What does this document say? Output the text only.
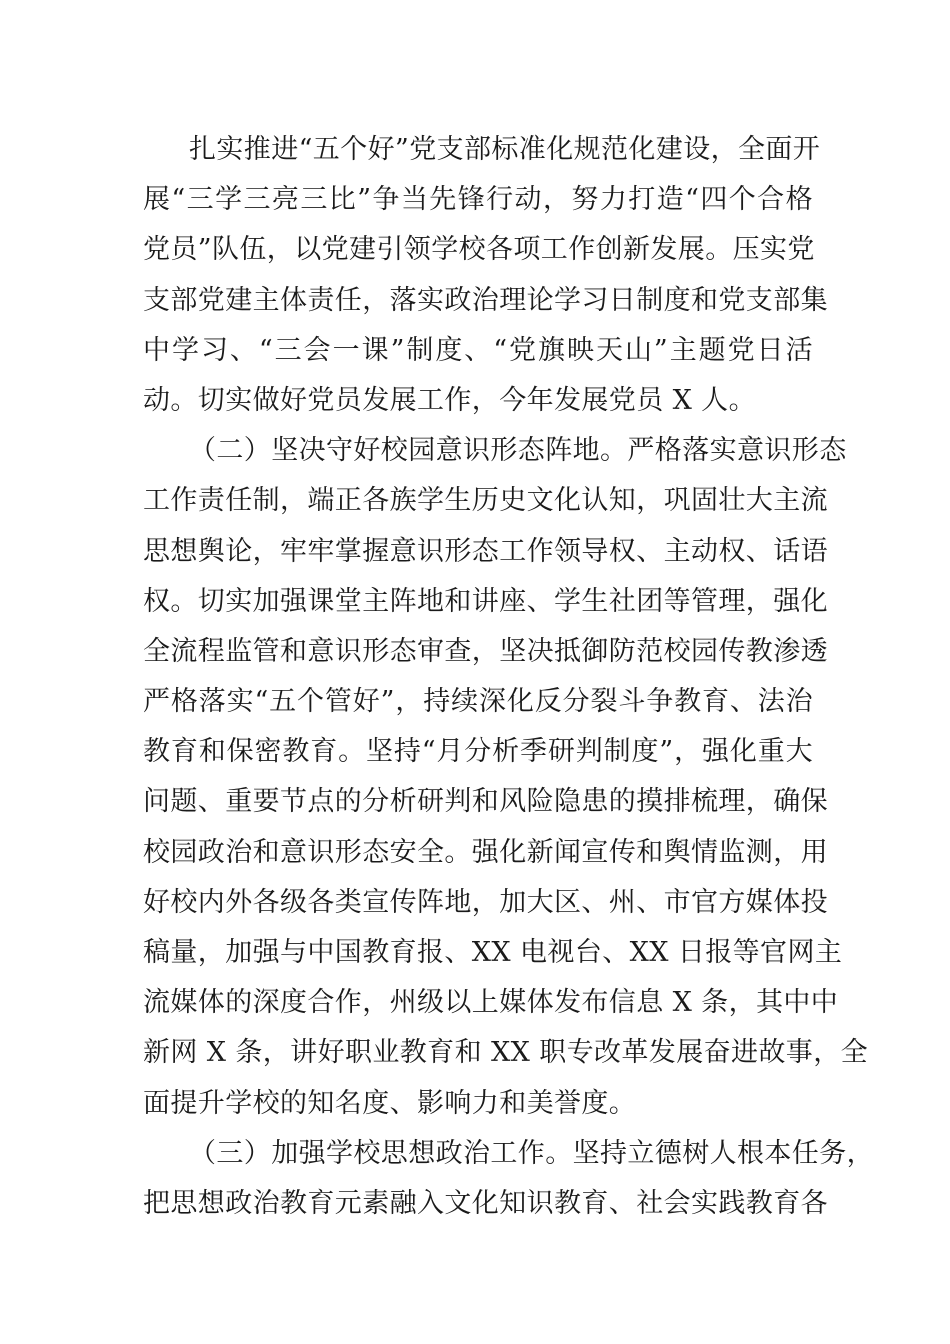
扎实推进“五个好”党支部标准化规范化建设，全面开
展“三学三亮三比”争当先锋行动，努力打造“四个合格
党员”队伍，以党建引领学校各项工作创新发展。压实党
支部党建主体责任，落实政治理论学习日制度和党支部集
中学习、“三会一课”制度、“党旗映天山”主题党日活
动。切实做好党员发展工作，今年发展党员 X 人。
（二）坚决守好校园意识形态阵地。严格落实意识形态
工作责任制，端正各族学生历史文化认知，巩固壮大主流
思想舆论，牢牢掌握意识形态工作领导权、主动权、话语
权。切实加强课堂主阵地和讲座、学生社团等管理，强化
全流程监管和意识形态审查，坚决抵御防范校园传教渗透
严格落实“五个管好”，持续深化反分裂斗争教育、法治
教育和保密教育。坚持“月分析季研判制度”，强化重大
问题、重要节点的分析研判和风险隐患的摸排梳理，确保
校园政治和意识形态安全。强化新闻宣传和舆情监测，用
好校内外各级各类宣传阵地，加大区、州、市官方媒体投
稿量，加强与中国教育报、XX 电视台、XX 日报等官网主
流媒体的深度合作，州级以上媒体发布信息 X 条，其中中
新网 X 条，讲好职业教育和 XX 职专改革发展奋进故事，全
面提升学校的知名度、影响力和美誉度。
（三）加强学校思想政治工作。坚持立德树人根本任务，
把思想政治教育元素融入文化知识教育、社会实践教育各
